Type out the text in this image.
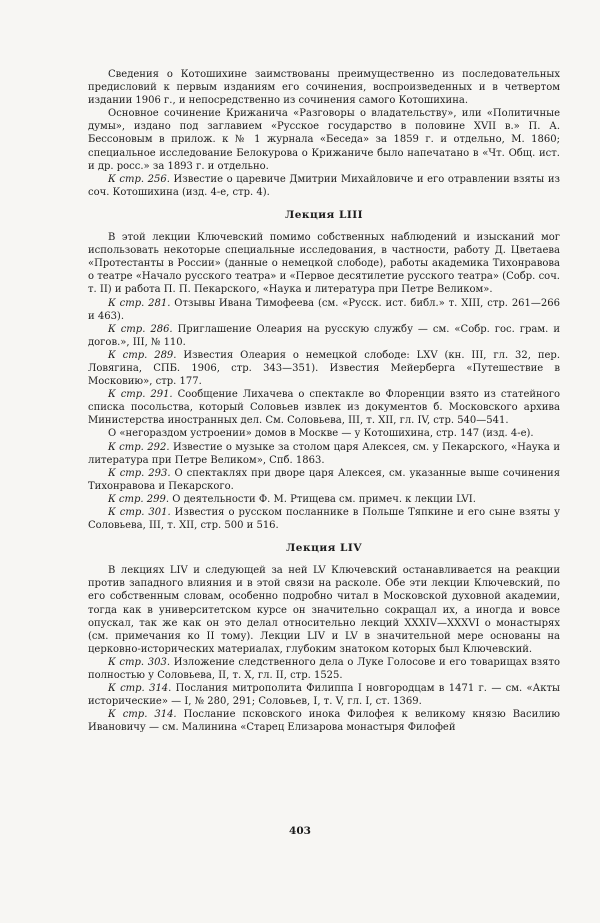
Сведения о Котошихине заимствованы преимущественно из последовательных предисловий к первым изданиям его сочинения, воспроизведенных и в четвертом издании 1906 г., и непосредственно из сочинения самого Котошихина.

Основное сочинение Крижанича «Разговоры о владательству», или «Политичные думы», издано под заглавием «Русское государство в половине XVII в.» П. А. Бессоновым в прилож. к № 1 журнала «Беседа» за 1859 г. и отдельно, М. 1860; специальное исследование Белокурова о Крижаниче было напечатано в «Чт. Общ. ист. и др. росс.» за 1893 г. и отдельно.

К стр. 256. Известие о царевиче Дмитрии Михайловиче и его отравлении взяты из соч. Котошихина (изд. 4-е, стр. 4).

Лекция LIII

В этой лекции Ключевский помимо собственных наблюдений и изысканий мог использовать некоторые специальные исследования, в частности, работу Д. Цветаева «Протестанты в России» (данные о немецкой слободе), работы академика Тихонравова о театре «Начало русского театра» и «Первое десятилетие русского театра» (Собр. соч. т. II) и работа П. П. Пекарского, «Наука и литература при Петре Великом».

К стр. 281. Отзывы Ивана Тимофеева (см. «Русск. ист. библ.» т. XIII, стр. 261—266 и 463).

К стр. 286. Приглашение Олеария на русскую службу — см. «Собр. гос. грам. и догов.», III, № 110.

К стр. 289. Известия Олеария о немецкой слободе: LXV (кн. III, гл. 32, пер. Ловягина, СПБ. 1906, стр. 343—351). Известия Мейерберга «Путешествие в Московию», стр. 177.

К стр. 291. Сообщение Лихачева о спектакле во Флоренции взято из статейного списка посольства, который Соловьев извлек из документов б. Московского архива Министерства иностранных дел. См. Соловьева, III, т. XII, гл. IV, стр. 540—541.

О «негораздом устроении» домов в Москве — у Котошихина, стр. 147 (изд. 4-е).

К стр. 292. Известие о музыке за столом царя Алексея, см. у Пекарского, «Наука и литература при Петре Великом», Спб. 1863.

К стр. 293. О спектаклях при дворе царя Алексея, см. указанные выше сочинения Тихонравова и Пекарского.

К стр. 299. О деятельности Ф. М. Ртищева см. примеч. к лекции LVI.

К стр. 301. Известия о русском посланнике в Польше Тяпкине и его сыне взяты у Соловьева, III, т. XII, стр. 500 и 516.

Лекция LIV

В лекциях LIV и следующей за ней LV Ключевский останавливается на реакции против западного влияния и в этой связи на расколе. Обе эти лекции Ключевский, по его собственным словам, особенно подробно читал в Московской духовной академии, тогда как в университетском курсе он значительно сокращал их, а иногда и вовсе опускал, так же как он это делал относительно лекций XXXIV—XXXVI о монастырях (см. примечания ко II тому). Лекции LIV и LV в значительной мере основаны на церковно-исторических материалах, глубоким знатоком которых был Ключевский.

К стр. 303. Изложение следственного дела о Луке Голосове и его товарищах взято полностью у Соловьева, II, т. X, гл. II, стр. 1525.

К стр. 314. Послания митрополита Филиппа I новгородцам в 1471 г. — см. «Акты исторические» — I, № 280, 291; Соловьев, I, т. V, гл. I, ст. 1369.

К стр. 314. Послание псковского инока Филофея к великому князю Василию Ивановичу — см. Малинина «Старец Елизарова монастыря Филофей

403
